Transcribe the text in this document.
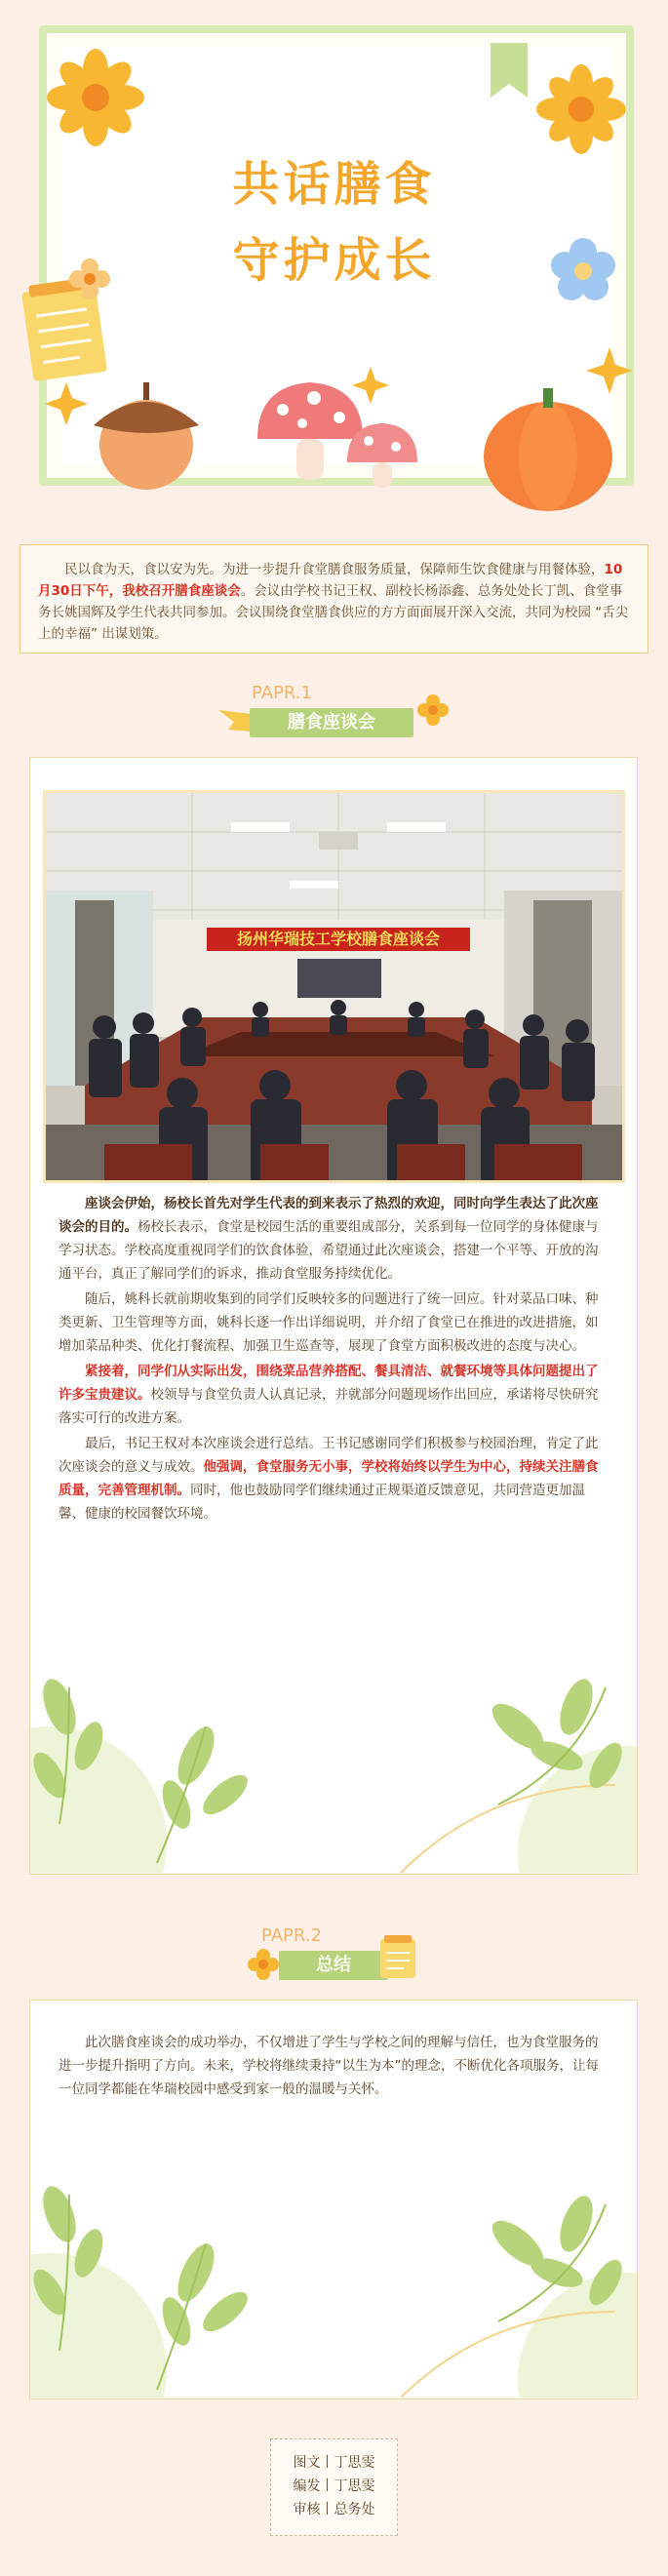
共话膳食
守护成长
民以食为天，食以安为先。为进一步提升食堂膳食服务质量，保障师生饮食健康与用餐体验，10月30日下午，我校召开膳食座谈会。会议由学校书记王权、副校长杨添鑫、总务处处长丁凯、食堂事务长姚国辉及学生代表共同参加。会议围绕食堂膳食供应的方方面面展开深入交流，共同为校园 “舌尖上的幸福” 出谋划策。
PAPR.1
膳食座谈会
扬州华瑞技工学校膳食座谈会

座谈会伊始，杨校长首先对学生代表的到来表示了热烈的欢迎，同时向学生表达了此次座谈会的目的。杨校长表示，食堂是校园生活的重要组成部分，关系到每一位同学的身体健康与学习状态。学校高度重视同学们的饮食体验，希望通过此次座谈会，搭建一个平等、开放的沟通平台，真正了解同学们的诉求，推动食堂服务持续优化。

随后，姚科长就前期收集到的同学们反映较多的问题进行了统一回应。针对菜品口味、种类更新、卫生管理等方面，姚科长逐一作出详细说明，并介绍了食堂已在推进的改进措施，如增加菜品种类、优化打餐流程、加强卫生巡查等，展现了食堂方面积极改进的态度与决心。

紧接着，同学们从实际出发，围绕菜品营养搭配、餐具清洁、就餐环境等具体问题提出了许多宝贵建议。校领导与食堂负责人认真记录，并就部分问题现场作出回应，承诺将尽快研究落实可行的改进方案。

最后，书记王权对本次座谈会进行总结。王书记感谢同学们积极参与校园治理，肯定了此次座谈会的意义与成效。他强调，食堂服务无小事，学校将始终以学生为中心，持续关注膳食质量，完善管理机制。同时，他也鼓励同学们继续通过正规渠道反馈意见，共同营造更加温馨、健康的校园餐饮环境。

PAPR.2
总结

此次膳食座谈会的成功举办，不仅增进了学生与学校之间的理解与信任，也为食堂服务的进一步提升指明了方向。未来，学校将继续秉持“以生为本”的理念，不断优化各项服务，让每一位同学都能在华瑞校园中感受到家一般的温暖与关怀。

图文丨丁思雯
编发丨丁思雯
审核丨总务处
